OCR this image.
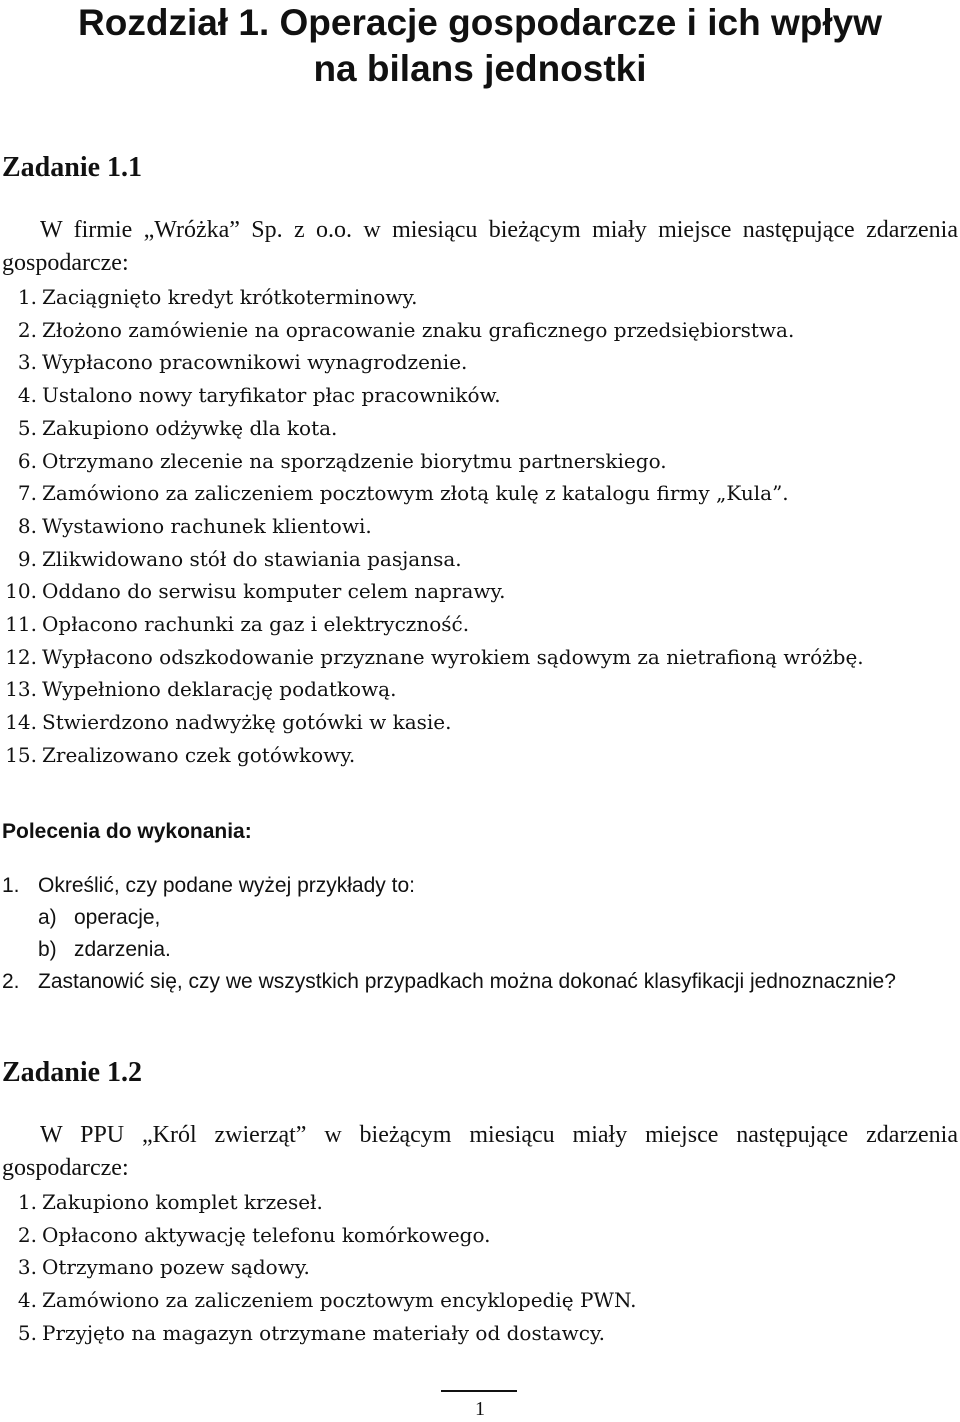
Rozdział 1. Operacje gospodarcze i ich wpływ
na bilans jednostki
Zadanie 1.1

W firmie „Wróżka” Sp. z o.o. w miesiącu bieżącym miały miejsce następujące zdarzenia gospodarcze:

1. Zaciągnięto kredyt krótkoterminowy.
2. Złożono zamówienie na opracowanie znaku graficznego przedsiębiorstwa.
3. Wypłacono pracownikowi wynagrodzenie.
4. Ustalono nowy taryfikator płac pracowników.
5. Zakupiono odżywkę dla kota.
6. Otrzymano zlecenie na sporządzenie biorytmu partnerskiego.
7. Zamówiono za zaliczeniem pocztowym złotą kulę z katalogu firmy „Kula”.
8. Wystawiono rachunek klientowi.
9. Zlikwidowano stół do stawiania pasjansa.
10. Oddano do serwisu komputer celem naprawy.
11. Opłacono rachunki za gaz i elektryczność.
12. Wypłacono odszkodowanie przyznane wyrokiem sądowym za nietrafioną wróżbę.
13. Wypełniono deklarację podatkową.
14. Stwierdzono nadwyżkę gotówki w kasie.
15. Zrealizowano czek gotówkowy.
Polecenia do wykonania:
1. Określić, czy podane wyżej przykłady to:
a) operacje,
b) zdarzenia.
2. Zastanowić się, czy we wszystkich przypadkach można dokonać klasyfikacji jednoznacznie?
Zadanie 1.2

W PPU „Król zwierząt” w bieżącym miesiącu miały miejsce następujące zdarzenia gospodarcze:

1. Zakupiono komplet krzeseł.
2. Opłacono aktywację telefonu komórkowego.
3. Otrzymano pozew sądowy.
4. Zamówiono za zaliczeniem pocztowym encyklopedię PWN.
5. Przyjęto na magazyn otrzymane materiały od dostawcy.
1
